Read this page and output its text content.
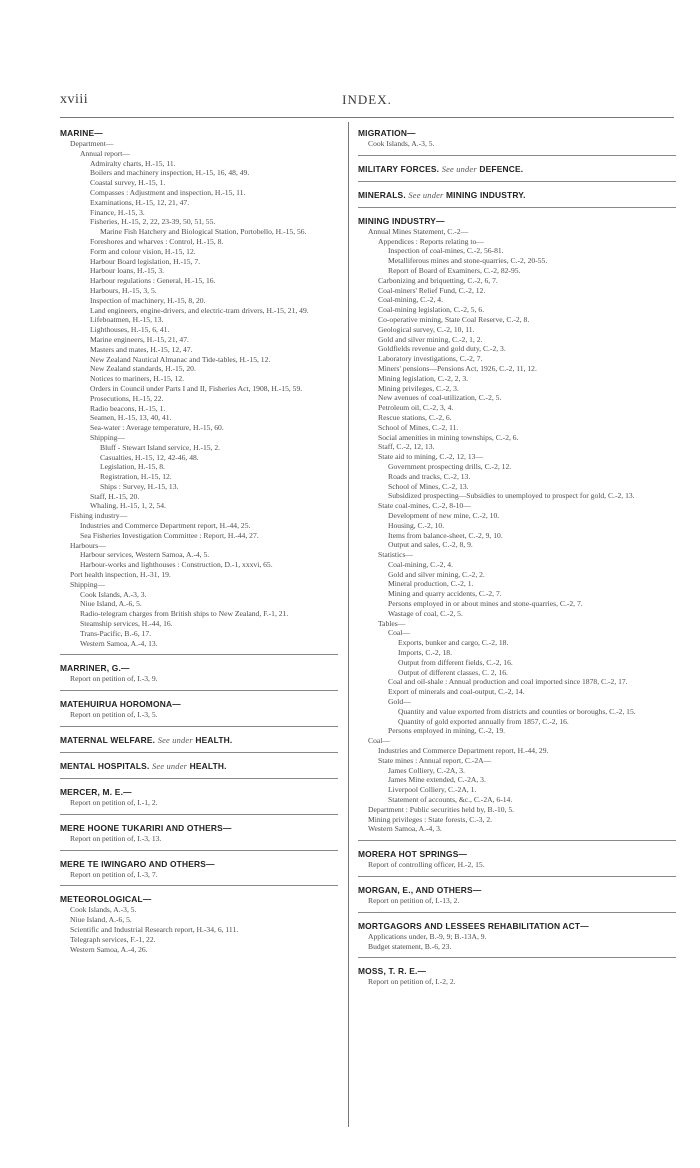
xviii	INDEX.
MARINE—
Department—
Annual report—
Admiralty charts, H.-15, 11.
Boilers and machinery inspection, H.-15, 16, 48, 49.
Coastal survey, H.-15, 1.
Compasses : Adjustment and inspection, H.-15, 11.
Examinations, H.-15, 12, 21, 47.
Finance, H.-15, 3.
Fisheries, H.-15, 2, 22, 23-39, 50, 51, 55.
Marine Fish Hatchery and Biological Station, Portobello, H.-15, 56.
Foreshores and wharves : Control, H.-15, 8.
Form and colour vision, H.-15, 12.
Harbour Board legislation, H.-15, 7.
Harbour loans, H.-15, 3.
Harbour regulations : General, H.-15, 16.
Harbours, H.-15, 3, 5.
Inspection of machinery, H.-15, 8, 20.
Land engineers, engine-drivers, and electric-tram drivers, H.-15, 21, 49.
Lifeboatmen, H.-15, 13.
Lighthouses, H.-15, 6, 41.
Marine engineers, H.-15, 21, 47.
Masters and mates, H.-15, 12, 47.
New Zealand Nautical Almanac and Tide-tables, H.-15, 12.
New Zealand standards, H.-15, 20.
Notices to mariners, H.-15, 12.
Orders in Council under Parts I and II, Fisheries Act, 1908, H.-15, 59.
Prosecutions, H.-15, 22.
Radio beacons, H.-15, 1.
Seamen, H.-15, 13, 40, 41.
Sea-water : Average temperature, H.-15, 60.
Shipping—
Bluff - Stewart Island service, H.-15, 2.
Casualties, H.-15, 12, 42-46, 48.
Legislation, H.-15, 8.
Registration, H.-15, 12.
Ships : Survey, H.-15, 13.
Staff, H.-15, 20.
Whaling, H.-15, 1, 2, 54.
Fishing industry—
Industries and Commerce Department report, H.-44, 25.
Sea Fisheries Investigation Committee : Report, H.-44, 27.
Harbours—
Harbour services, Western Samoa, A.-4, 5.
Harbour-works and lighthouses : Construction, D.-1, xxxvi, 65.
Port health inspection, H.-31, 19.
Shipping—
Cook Islands, A.-3, 3.
Niue Island, A.-6, 5.
Radio-telegram charges from British ships to New Zealand, F.-1, 21.
Steamship services, H.-44, 16.
Trans-Pacific, B.-6, 17.
Western Samoa, A.-4, 13.
MARRINER, G.—
Report on petition of, I.-3, 9.
MATEHUIRUA HOROMONA—
Report on petition of, I.-3, 5.
MATERNAL WELFARE. See under HEALTH.
MENTAL HOSPITALS. See under HEALTH.
MERCER, M. E.—
Report on petition of, I.-1, 2.
MERE HOONE TUKARIRI AND OTHERS—
Report on petition of, I.-3, 13.
MERE TE IWINGARO AND OTHERS—
Report on petition of, I.-3, 7.
METEOROLOGICAL—
Cook Islands, A.-3, 5.
Niue Island, A.-6, 5.
Scientific and Industrial Research report, H.-34, 6, 111.
Telegraph services, F.-1, 22.
Western Samoa, A.-4, 26.
MIGRATION—
Cook Islands, A.-3, 5.
MILITARY FORCES. See under DEFENCE.
MINERALS. See under MINING INDUSTRY.
MINING INDUSTRY—
Annual Mines Statement, C.-2—
Appendices : Reports relating to—
Inspection of coal-mines, C.-2, 56-81.
Metalliferous mines and stone-quarries, C.-2, 20-55.
Report of Board of Examiners, C.-2, 82-95.
Carbonizing and briquetting, C.-2, 6, 7.
Coal-miners' Relief Fund, C.-2, 12.
Coal-mining, C.-2, 4.
Coal-mining legislation, C.-2, 5, 6.
Co-operative mining, State Coal Reserve, C.-2, 8.
Geological survey, C.-2, 10, 11.
Gold and silver mining, C.-2, 1, 2.
Goldfields revenue and gold duty, C.-2, 3.
Laboratory investigations, C.-2, 7.
Miners' pensions—Pensions Act, 1926, C.-2, 11, 12.
Mining legislation, C.-2, 2, 3.
Mining privileges, C.-2, 3.
New avenues of coal-utilization, C.-2, 5.
Petroleum oil, C.-2, 3, 4.
Rescue stations, C.-2, 6.
School of Mines, C.-2, 11.
Social amenities in mining townships, C.-2, 6.
Staff, C.-2, 12, 13.
State aid to mining, C.-2, 12, 13—
Government prospecting drills, C.-2, 12.
Roads and tracks, C.-2, 13.
School of Mines, C.-2, 13.
Subsidized prospecting—Subsidies to unemployed to prospect for gold, C.-2, 13.
State coal-mines, C.-2, 8-10—
Development of new mine, C.-2, 10.
Housing, C.-2, 10.
Items from balance-sheet, C.-2, 9, 10.
Output and sales, C.-2, 8, 9.
Statistics—
Coal-mining, C.-2, 4.
Gold and silver mining, C.-2, 2.
Mineral production, C.-2, 1.
Mining and quarry accidents, C.-2, 7.
Persons employed in or about mines and stone-quarries, C.-2, 7.
Wastage of coal, C.-2, 5.
Tables—
Coal—
Exports, bunker and cargo, C.-2, 18.
Imports, C.-2, 18.
Output from different fields, C.-2, 16.
Output of different classes, C. 2, 16.
Coal and oil-shale : Annual production and coal imported since 1878, C.-2, 17.
Export of minerals and coal-output, C.-2, 14.
Gold—
Quantity and value exported from districts and counties or boroughs, C.-2, 15.
Quantity of gold exported annually from 1857, C.-2, 16.
Persons employed in mining, C.-2, 19.
Coal—
Industries and Commerce Department report, H.-44, 29.
State mines : Annual report, C.-2A—
James Colliery, C.-2A, 3.
James Mine extended, C.-2A, 3.
Liverpool Colliery, C.-2A, 1.
Statement of accounts, &c., C.-2A, 6-14.
Department : Public securities held by, B.-10, 5.
Mining privileges : State forests, C.-3, 2.
Western Samoa, A.-4, 3.
MORERA HOT SPRINGS—
Report of controlling officer, H.-2, 15.
MORGAN, E., AND OTHERS—
Report on petition of, I.-13, 2.
MORTGAGORS AND LESSEES REHABILITATION ACT—
Applications under, B.-9, 9; B.-13A, 9.
Budget statement, B.-6, 23.
MOSS, T. R. E.—
Report on petition of, I.-2, 2.
